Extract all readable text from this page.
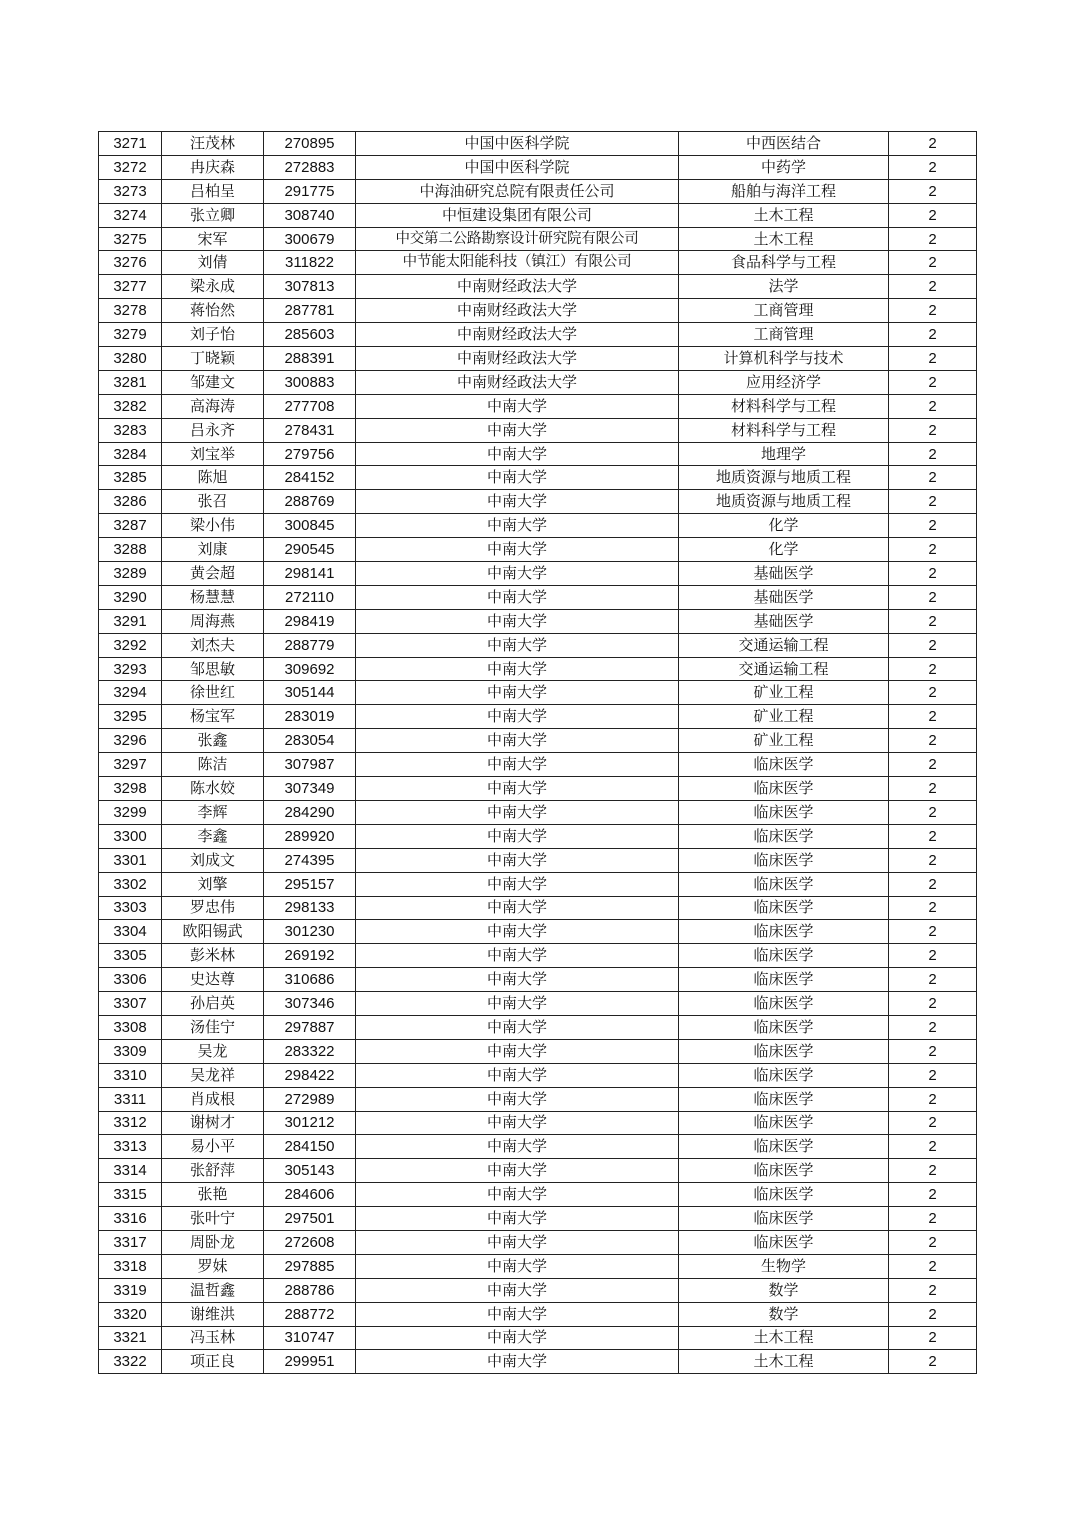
3271	汪茂林	270895	中国中医科学院	中西医结合	2
3272	冉庆森	272883	中国中医科学院	中药学	2
3273	吕柏呈	291775	中海油研究总院有限责任公司	船舶与海洋工程	2
3274	张立卿	308740	中恒建设集团有限公司	土木工程	2
3275	宋军	300679	中交第二公路勘察设计研究院有限公司	土木工程	2
3276	刘倩	311822	中节能太阳能科技（镇江）有限公司	食品科学与工程	2
3277	梁永成	307813	中南财经政法大学	法学	2
3278	蒋怡然	287781	中南财经政法大学	工商管理	2
3279	刘子怡	285603	中南财经政法大学	工商管理	2
3280	丁晓颖	288391	中南财经政法大学	计算机科学与技术	2
3281	邹建文	300883	中南财经政法大学	应用经济学	2
3282	高海涛	277708	中南大学	材料科学与工程	2
3283	吕永齐	278431	中南大学	材料科学与工程	2
3284	刘宝举	279756	中南大学	地理学	2
3285	陈旭	284152	中南大学	地质资源与地质工程	2
3286	张召	288769	中南大学	地质资源与地质工程	2
3287	梁小伟	300845	中南大学	化学	2
3288	刘康	290545	中南大学	化学	2
3289	黄会超	298141	中南大学	基础医学	2
3290	杨慧慧	272110	中南大学	基础医学	2
3291	周海燕	298419	中南大学	基础医学	2
3292	刘杰夫	288779	中南大学	交通运输工程	2
3293	邹思敏	309692	中南大学	交通运输工程	2
3294	徐世红	305144	中南大学	矿业工程	2
3295	杨宝军	283019	中南大学	矿业工程	2
3296	张鑫	283054	中南大学	矿业工程	2
3297	陈洁	307987	中南大学	临床医学	2
3298	陈水姣	307349	中南大学	临床医学	2
3299	李辉	284290	中南大学	临床医学	2
3300	李鑫	289920	中南大学	临床医学	2
3301	刘成文	274395	中南大学	临床医学	2
3302	刘擎	295157	中南大学	临床医学	2
3303	罗忠伟	298133	中南大学	临床医学	2
3304	欧阳锡武	301230	中南大学	临床医学	2
3305	彭米林	269192	中南大学	临床医学	2
3306	史达尊	310686	中南大学	临床医学	2
3307	孙启英	307346	中南大学	临床医学	2
3308	汤佳宁	297887	中南大学	临床医学	2
3309	吴龙	283322	中南大学	临床医学	2
3310	吴龙祥	298422	中南大学	临床医学	2
3311	肖成根	272989	中南大学	临床医学	2
3312	谢树才	301212	中南大学	临床医学	2
3313	易小平	284150	中南大学	临床医学	2
3314	张舒萍	305143	中南大学	临床医学	2
3315	张艳	284606	中南大学	临床医学	2
3316	张叶宁	297501	中南大学	临床医学	2
3317	周卧龙	272608	中南大学	临床医学	2
3318	罗妹	297885	中南大学	生物学	2
3319	温哲鑫	288786	中南大学	数学	2
3320	谢维洪	288772	中南大学	数学	2
3321	冯玉林	310747	中南大学	土木工程	2
3322	项正良	299951	中南大学	土木工程	2
